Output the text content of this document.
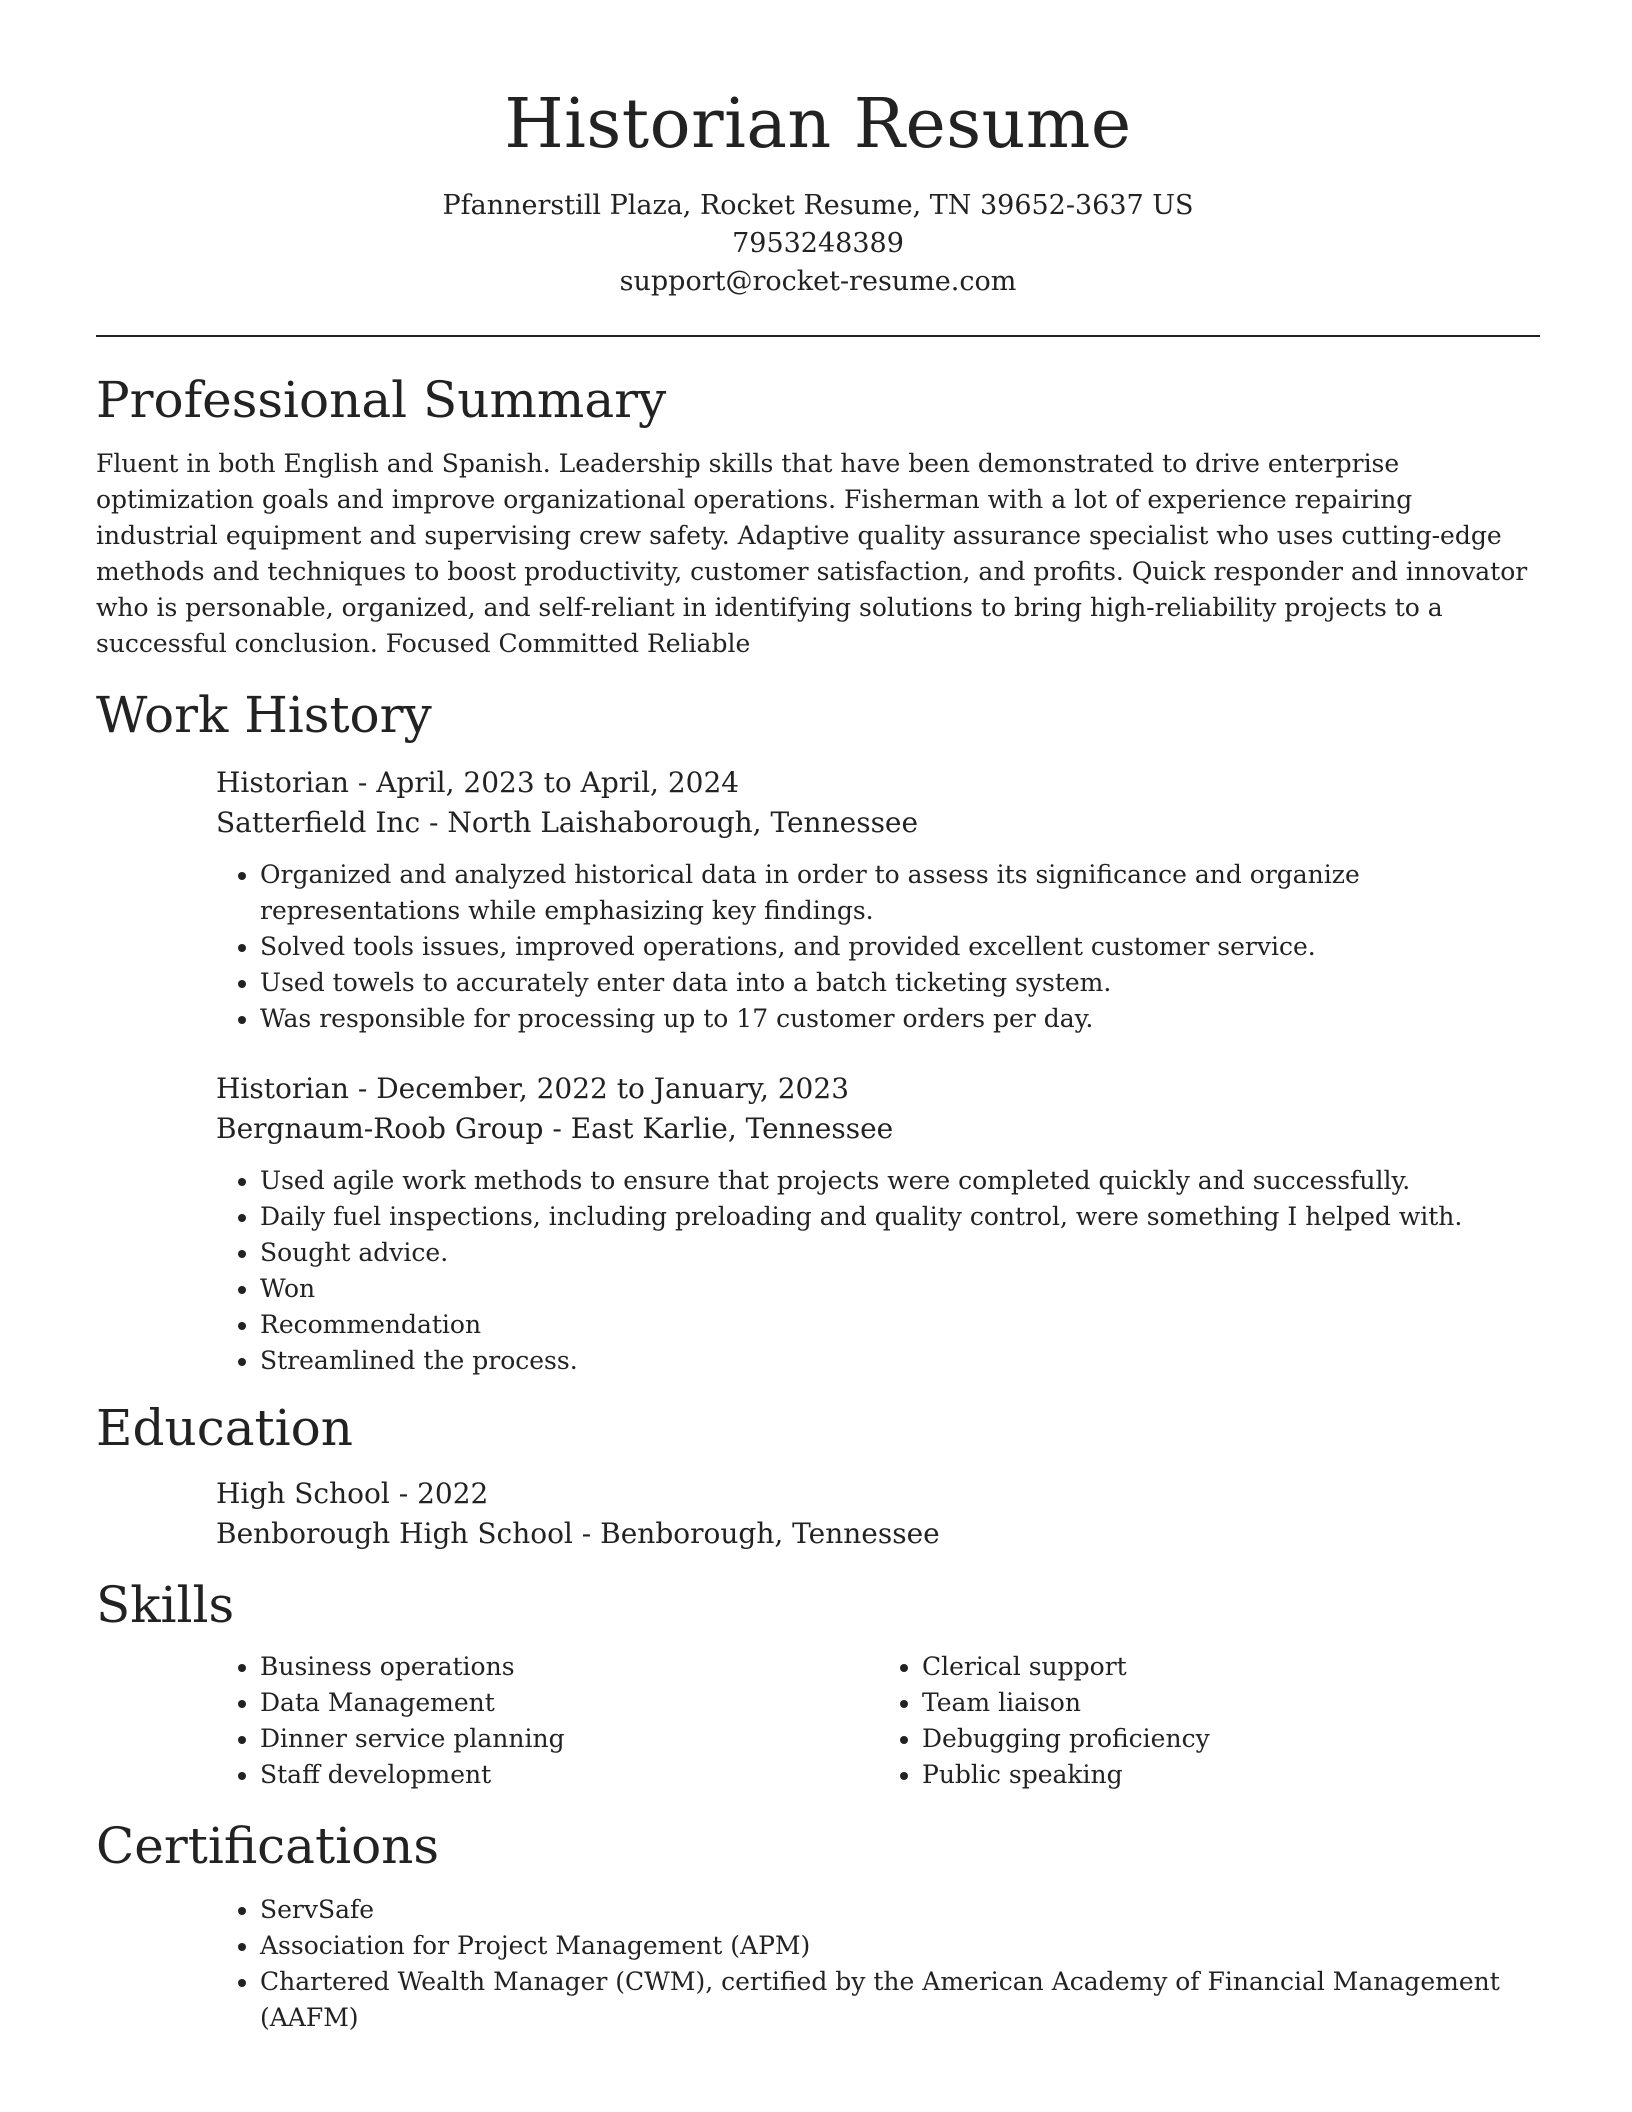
Historian Resume
Pfannerstill Plaza, Rocket Resume, TN 39652-3637 US
7953248389
support@rocket-resume.com
Professional Summary

Fluent in both English and Spanish. Leadership skills that have been demonstrated to drive enterprise optimization goals and improve organizational operations. Fisherman with a lot of experience repairing industrial equipment and supervising crew safety. Adaptive quality assurance specialist who uses cutting-edge methods and techniques to boost productivity, customer satisfaction, and profits. Quick responder and innovator who is personable, organized, and self-reliant in identifying solutions to bring high-reliability projects to a successful conclusion. Focused Committed Reliable

Work History
Historian - April, 2023 to April, 2024
Satterfield Inc - North Laishaborough, Tennessee
• Organized and analyzed historical data in order to assess its significance and organize representations while emphasizing key findings.
• Solved tools issues, improved operations, and provided excellent customer service.
• Used towels to accurately enter data into a batch ticketing system.
• Was responsible for processing up to 17 customer orders per day.
Historian - December, 2022 to January, 2023
Bergnaum-Roob Group - East Karlie, Tennessee
• Used agile work methods to ensure that projects were completed quickly and successfully.
• Daily fuel inspections, including preloading and quality control, were something I helped with.
• Sought advice.
• Won
• Recommendation
• Streamlined the process.
Education
High School - 2022
Benborough High School - Benborough, Tennessee
Skills
• Business operations
• Data Management
• Dinner service planning
• Staff development
• Clerical support
• Team liaison
• Debugging proficiency
• Public speaking
Certifications
• ServSafe
• Association for Project Management (APM)
• Chartered Wealth Manager (CWM), certified by the American Academy of Financial Management (AAFM)
